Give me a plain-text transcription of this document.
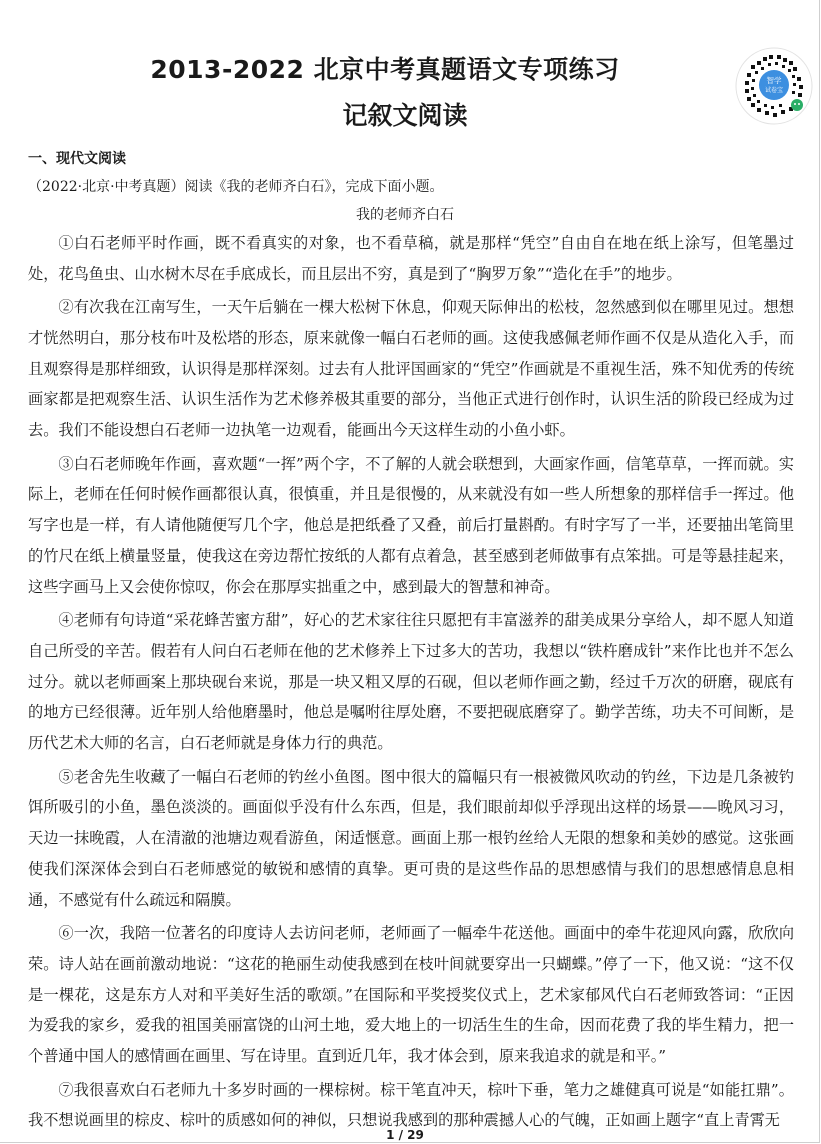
2013-2022 北京中考真题语文专项练习
记叙文阅读
智学
试卷宝
一、现代文阅读
（2022·北京·中考真题）阅读《我的老师齐白石》，完成下面小题。
我的老师齐白石

①白石老师平时作画，既不看真实的对象，也不看草稿，就是那样“凭空”自由自在地在纸上涂写，但笔墨过处，花鸟鱼虫、山水树木尽在手底成长，而且层出不穷，真是到了“胸罗万象”“造化在手”的地步。

②有次我在江南写生，一天午后躺在一棵大松树下休息，仰观天际伸出的松枝，忽然感到似在哪里见过。想想才恍然明白，那分枝布叶及松塔的形态，原来就像一幅白石老师的画。这使我感佩老师作画不仅是从造化入手，而且观察得是那样细致，认识得是那样深刻。过去有人批评国画家的“凭空”作画就是不重视生活，殊不知优秀的传统画家都是把观察生活、认识生活作为艺术修养极其重要的部分，当他正式进行创作时，认识生活的阶段已经成为过去。我们不能设想白石老师一边执笔一边观看，能画出今天这样生动的小鱼小虾。

③白石老师晚年作画，喜欢题“一挥”两个字，不了解的人就会联想到，大画家作画，信笔草草，一挥而就。实际上，老师在任何时候作画都很认真，很慎重，并且是很慢的，从来就没有如一些人所想象的那样信手一挥过。他写字也是一样，有人请他随便写几个字，他总是把纸叠了又叠，前后打量斟酌。有时字写了一半，还要抽出笔筒里的竹尺在纸上横量竖量，使我这在旁边帮忙按纸的人都有点着急，甚至感到老师做事有点笨拙。可是等悬挂起来，这些字画马上又会使你惊叹，你会在那厚实拙重之中，感到最大的智慧和神奇。

④老师有句诗道“采花蜂苦蜜方甜”，好心的艺术家往往只愿把有丰富滋养的甜美成果分享给人，却不愿人知道自己所受的辛苦。假若有人问白石老师在他的艺术修养上下过多大的苦功，我想以“铁杵磨成针”来作比也并不怎么过分。就以老师画案上那块砚台来说，那是一块又粗又厚的石砚，但以老师作画之勤，经过千万次的研磨，砚底有的地方已经很薄。近年别人给他磨墨时，他总是嘱咐往厚处磨，不要把砚底磨穿了。勤学苦练，功夫不可间断，是历代艺术大师的名言，白石老师就是身体力行的典范。

⑤老舍先生收藏了一幅白石老师的钓丝小鱼图。图中很大的篇幅只有一根被微风吹动的钓丝，下边是几条被钓饵所吸引的小鱼，墨色淡淡的。画面似乎没有什么东西，但是，我们眼前却似乎浮现出这样的场景——晚风习习，天边一抹晚霞，人在清澈的池塘边观看游鱼，闲适惬意。画面上那一根钓丝给人无限的想象和美妙的感觉。这张画使我们深深体会到白石老师感觉的敏锐和感情的真挚。更可贵的是这些作品的思想感情与我们的思想感情息息相通，不感觉有什么疏远和隔膜。

⑥一次，我陪一位著名的印度诗人去访问老师，老师画了一幅牵牛花送他。画面中的牵牛花迎风向露，欣欣向荣。诗人站在画前激动地说：“这花的艳丽生动使我感到在枝叶间就要穿出一只蝴蝶。”停了一下，他又说：“这不仅是一棵花，这是东方人对和平美好生活的歌颂。”在国际和平奖授奖仪式上，艺术家郁风代白石老师致答词：“正因为爱我的家乡，爱我的祖国美丽富饶的山河土地，爱大地上的一切活生生的生命，因而花费了我的毕生精力，把一个普通中国人的感情画在画里、写在诗里。直到近几年，我才体会到，原来我追求的就是和平。”

⑦我很喜欢白石老师九十多岁时画的一棵棕树。棕干笔直冲天，棕叶下垂，笔力之雄健真可说是“如能扛鼎”。我不想说画里的棕皮、棕叶的质感如何的神似，只想说我感到的那种震撼人心的气魄，正如画上题字“直上青霄无

1 / 29
